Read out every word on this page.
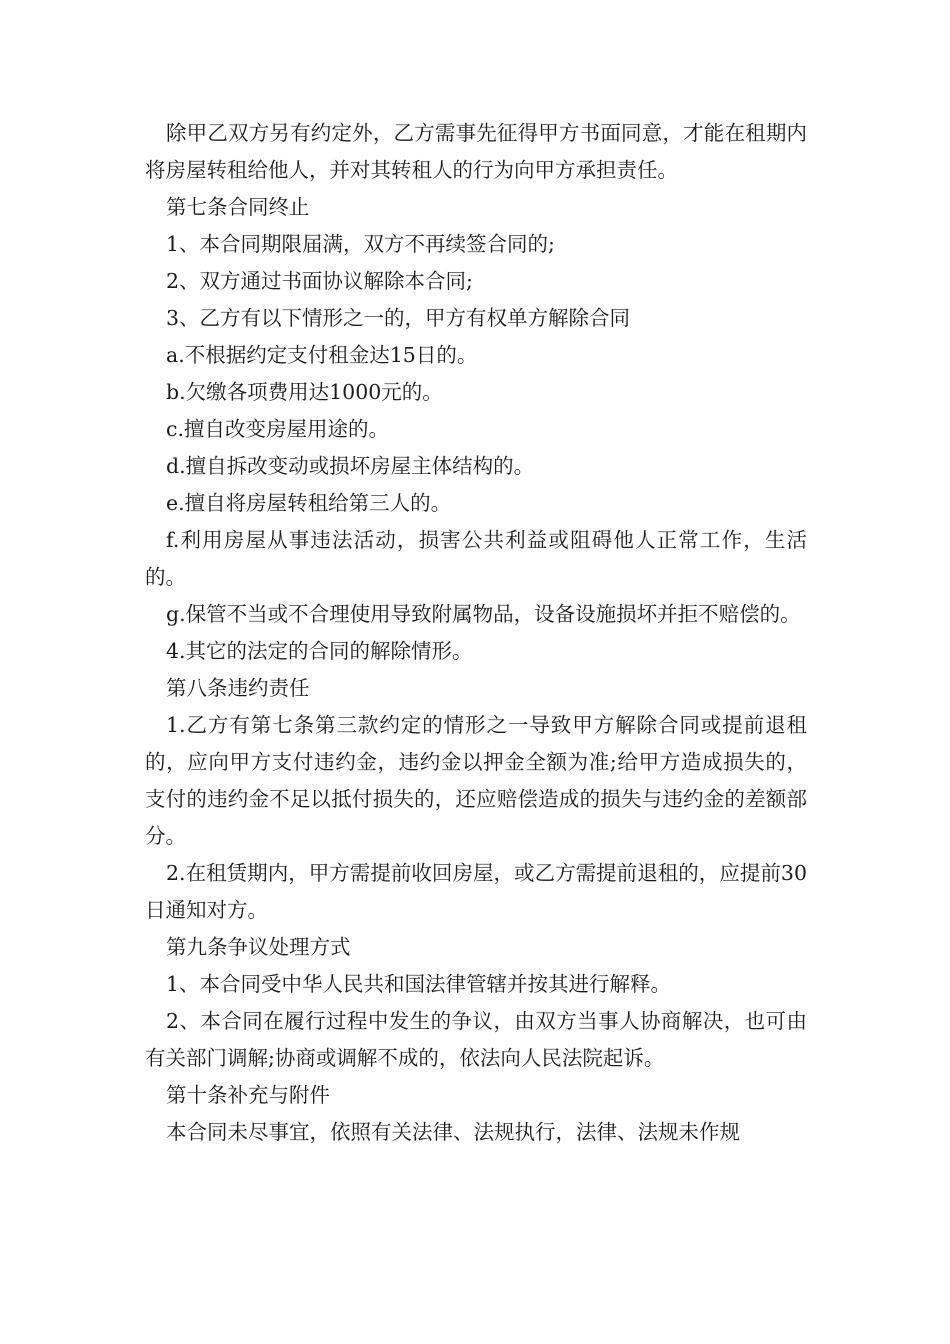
除甲乙双方另有约定外，乙方需事先征得甲方书面同意，才能在租期内将房屋转租给他人，并对其转租人的行为向甲方承担责任。

第七条合同终止

1、本合同期限届满，双方不再续签合同的;

2、双方通过书面协议解除本合同;

3、乙方有以下情形之一的，甲方有权单方解除合同

a.不根据约定支付租金达15日的。

b.欠缴各项费用达1000元的。

c.擅自改变房屋用途的。

d.擅自拆改变动或损坏房屋主体结构的。

e.擅自将房屋转租给第三人的。

f.利用房屋从事违法活动，损害公共利益或阻碍他人正常工作，生活的。

g.保管不当或不合理使用导致附属物品，设备设施损坏并拒不赔偿的。

4.其它的法定的合同的解除情形。

第八条违约责任

1.乙方有第七条第三款约定的情形之一导致甲方解除合同或提前退租的，应向甲方支付违约金，违约金以押金全额为准;给甲方造成损失的，支付的违约金不足以抵付损失的，还应赔偿造成的损失与违约金的差额部分。

2.在租赁期内，甲方需提前收回房屋，或乙方需提前退租的，应提前30日通知对方。

第九条争议处理方式

1、本合同受中华人民共和国法律管辖并按其进行解释。

2、本合同在履行过程中发生的争议，由双方当事人协商解决，也可由有关部门调解;协商或调解不成的，依法向人民法院起诉。

第十条补充与附件

本合同未尽事宜，依照有关法律、法规执行，法律、法规未作规
